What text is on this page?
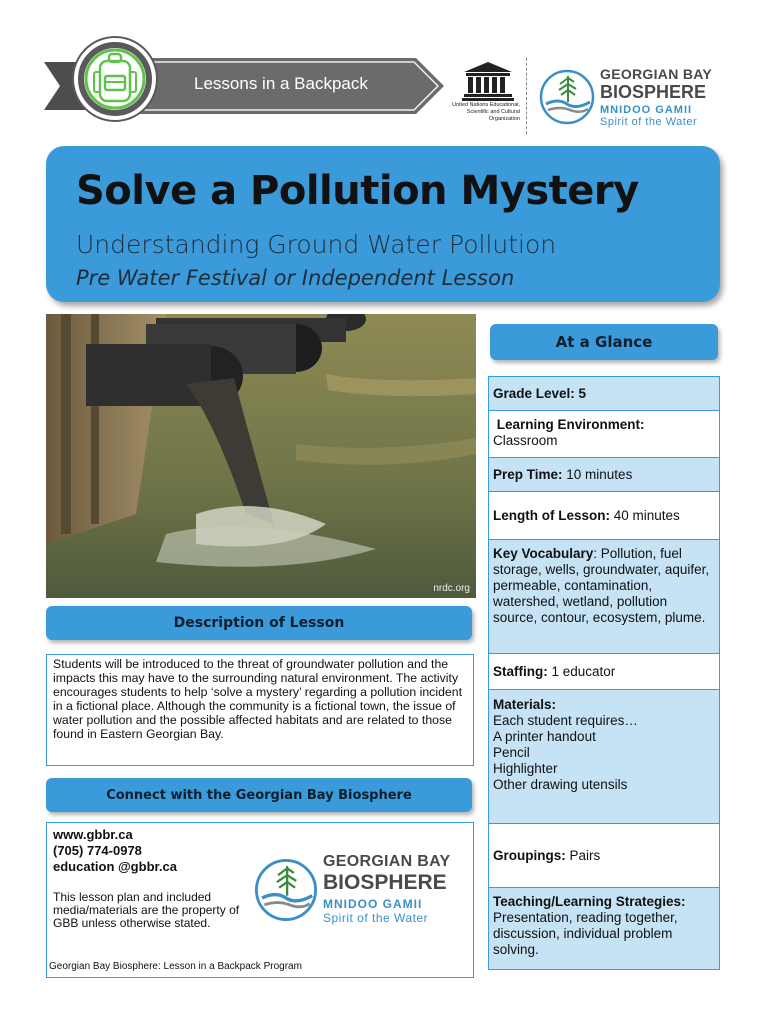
Lessons in a Backpack
United Nations Educational, Scientific and Cultural Organization
GEORGIAN BAY
BIOSPHERE
MNIDOO GAMII
Spirit of the Water
Solve a Pollution Mystery
Understanding Ground Water Pollution
Pre Water Festival or Independent Lesson
nrdc.org
Description of Lesson

Students will be introduced to the threat of groundwater pollution and the impacts this may have to the surrounding natural environment. The activity encourages students to help ‘solve a mystery’ regarding a pollution incident in a fictional place. Although the community is a fictional town, the issue of water pollution and the possible affected habitats and are related to those found in Eastern Georgian Bay.

Connect with the Georgian Bay Biosphere
www.gbbr.ca
(705) 774-0978
education @gbbr.ca
This lesson plan and included media/materials are the property of GBB unless otherwise stated.
GEORGIAN BAY
BIOSPHERE
MNIDOO GAMII
Spirit of the Water
Georgian Bay Biosphere: Lesson in a Backpack Program
At a Glance
Grade Level: 5
Learning Environment:
Classroom
Prep Time: 10 minutes
Length of Lesson: 40 minutes
Key Vocabulary: Pollution, fuel storage, wells, groundwater, aquifer, permeable, contamination, watershed, wetland, pollution source, contour, ecosystem, plume.
Staffing: 1 educator
Materials:
Each student requires…
A printer handout
Pencil
Highlighter
Other drawing utensils
Groupings: Pairs
Teaching/Learning Strategies:
Presentation, reading together, discussion, individual problem solving.
